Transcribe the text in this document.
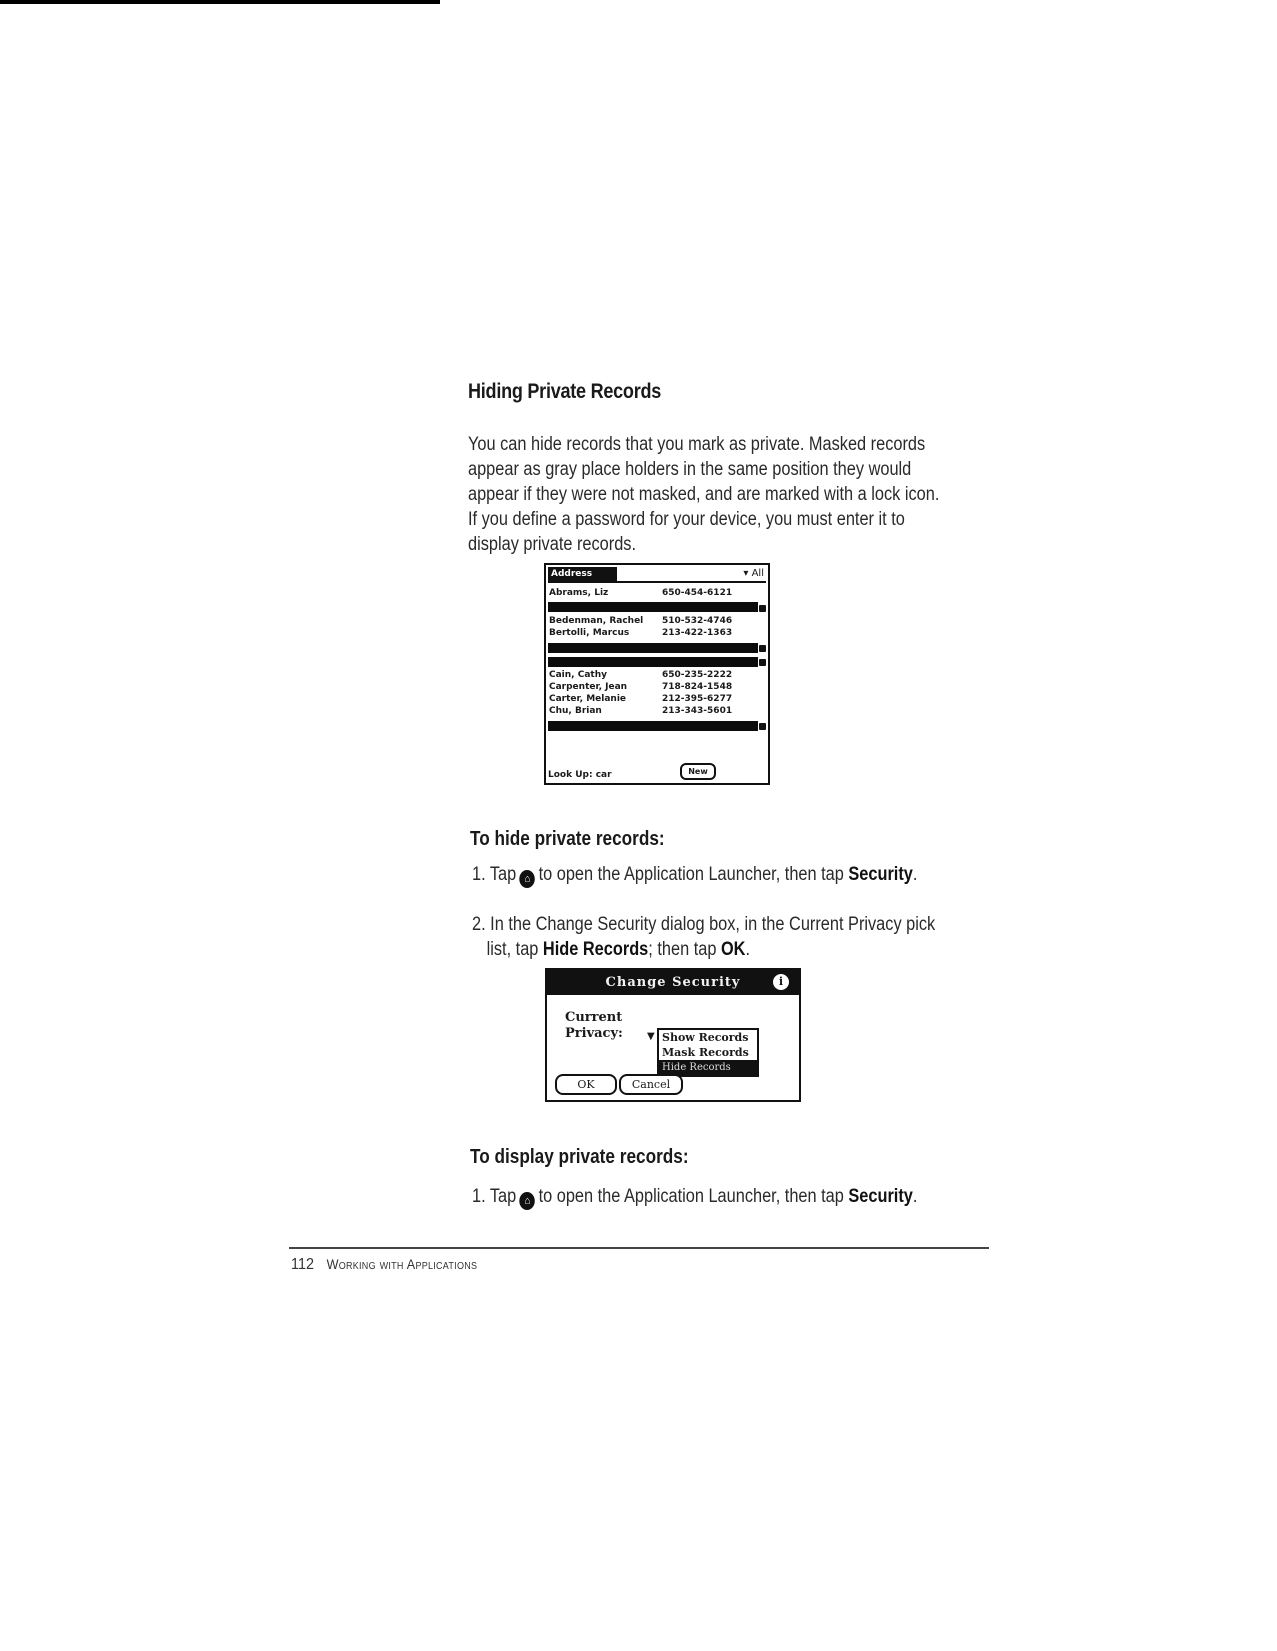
Hiding Private Records

You can hide records that you mark as private. Masked records

appear as gray place holders in the same position they would

appear if they were not masked, and are marked with a lock icon.

If you define a password for your device, you must enter it to

display private records.

Address	▾ All
Abrams, Liz	650-454-6121
Bedenman, Rachel 510-532-4746
Bertolli, Marcus	213-422-1363
Cain, Cathy	650-235-2222
Carpenter, Jean	718-824-1548
Carter, Melanie	212-395-6277
Chu, Brian	213-343-5601
Look Up: car	New
To hide private records:
1. Tap ⌂ to open the Application Launcher, then tap Security.
2. In the Change Security dialog box, in the Current Privacy pick
list, tap Hide Records; then tap OK.
Change Security	i
Current
Privacy: ▼ Show Records
Mask Records
Hide Records
OK	Cancel
To display private records:
1. Tap ⌂ to open the Application Launcher, then tap Security.
112 Working with Applications
